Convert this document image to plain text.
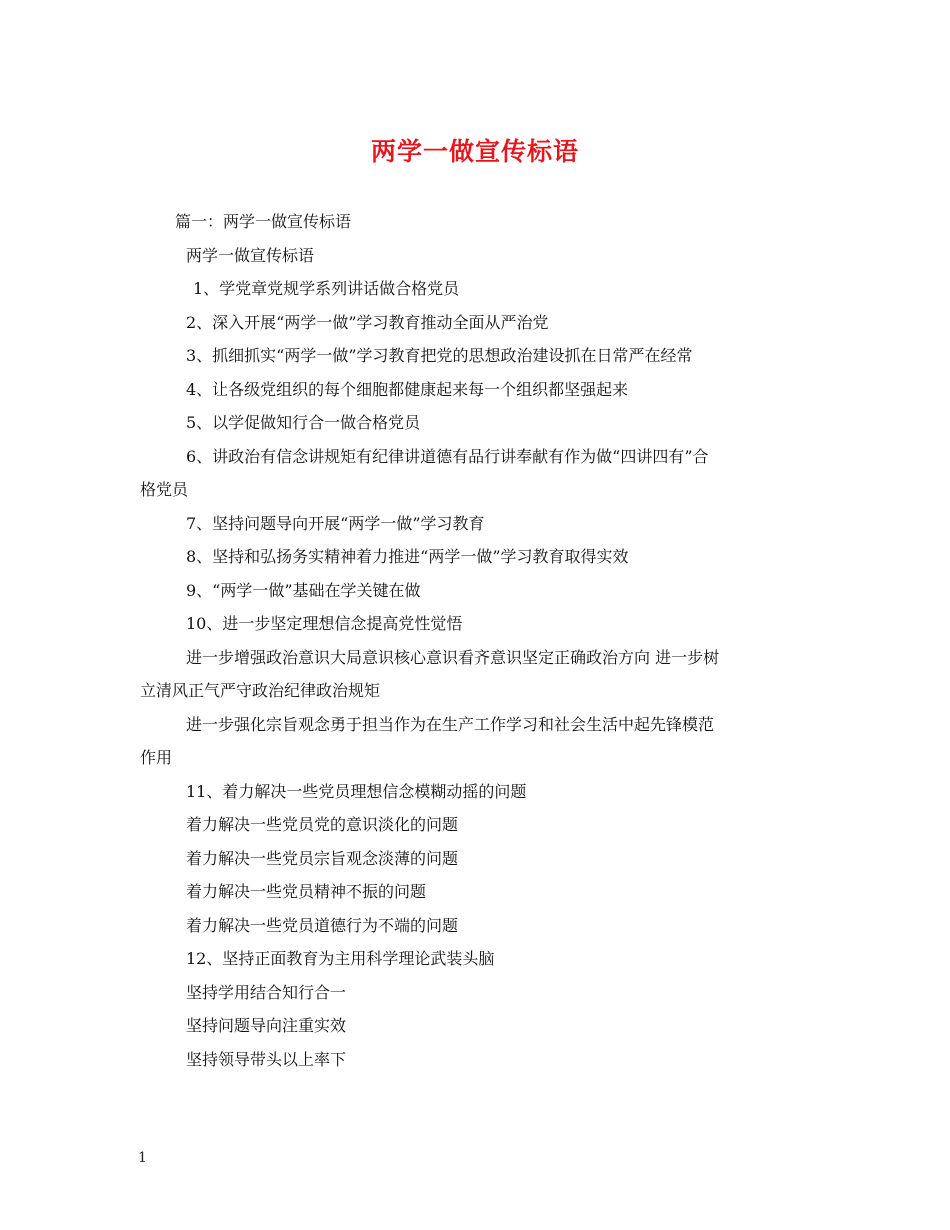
两学一做宣传标语
篇一：两学一做宣传标语
两学一做宣传标语
1、学党章党规学系列讲话做合格党员
2、深入开展“两学一做”学习教育推动全面从严治党
3、抓细抓实“两学一做”学习教育把党的思想政治建设抓在日常严在经常
4、让各级党组织的每个细胞都健康起来每一个组织都坚强起来
5、以学促做知行合一做合格党员
6、讲政治有信念讲规矩有纪律讲道德有品行讲奉献有作为做“四讲四有”合
格党员
7、坚持问题导向开展“两学一做”学习教育
8、坚持和弘扬务实精神着力推进“两学一做”学习教育取得实效
9、“两学一做”基础在学关键在做
10、进一步坚定理想信念提高党性觉悟
进一步增强政治意识大局意识核心意识看齐意识坚定正确政治方向 进一步树
立清风正气严守政治纪律政治规矩
进一步强化宗旨观念勇于担当作为在生产工作学习和社会生活中起先锋模范
作用
11、着力解决一些党员理想信念模糊动摇的问题
着力解决一些党员党的意识淡化的问题
着力解决一些党员宗旨观念淡薄的问题
着力解决一些党员精神不振的问题
着力解决一些党员道德行为不端的问题
12、坚持正面教育为主用科学理论武装头脑
坚持学用结合知行合一
坚持问题导向注重实效
坚持领导带头以上率下
1
